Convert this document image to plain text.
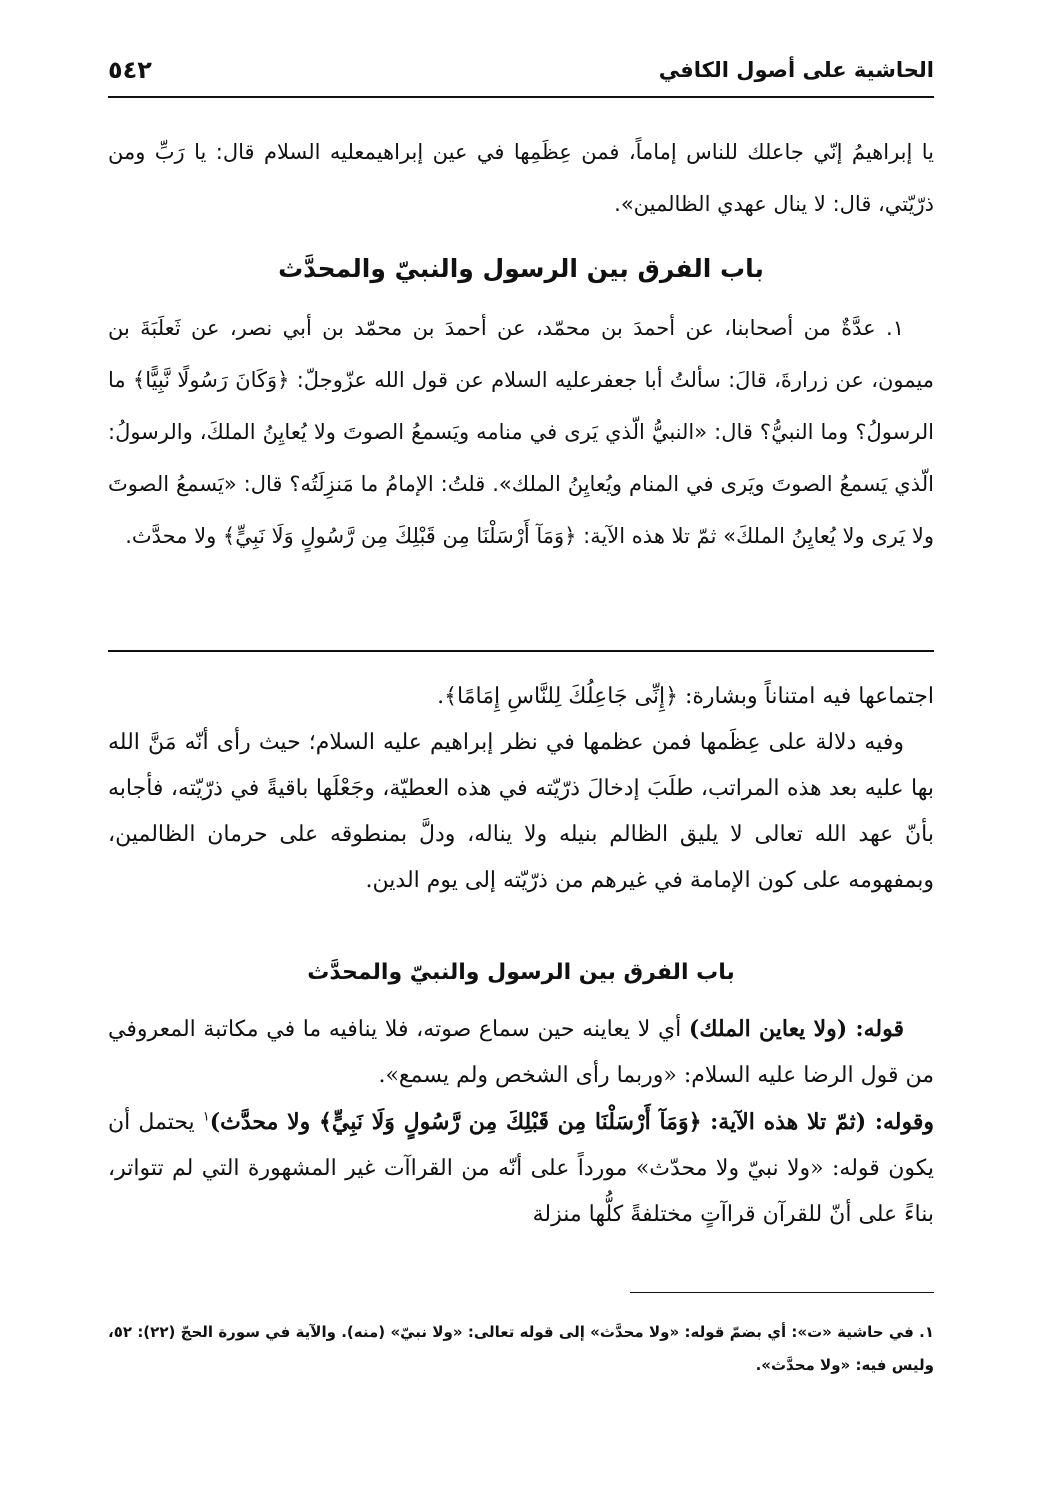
٥٤٢	الحاشية على أصول الكافي

يا إبراهيمُ إنّي جاعلك للناس إماماً، فمن عِظَمِها في عين إبراهيمعليه السلام قال: يا رَبِّ ومن ذرّيّتي، قال: لا ينال عهدي الظالمين».

باب الفرق بين الرسول والنبيّ والمحدَّث

١. عدَّةٌ من أصحابنا، عن أحمدَ بن محمّد، عن أحمدَ بن محمّد بن أبي نصر، عن ثَعلَبَةَ بن ميمون، عن زرارةَ، قالَ: سألتُ أبا جعفرعليه السلام عن قول الله عزّوجلّ: ﴿وَكَانَ رَسُولًا نَّبِيًّا﴾ ما الرسولُ؟ وما النبيُّ؟ قال: «النبيُّ الّذي يَرى في منامه ويَسمعُ الصوتَ ولا يُعايِنُ الملكَ، والرسولُ: الّذي يَسمعُ الصوتَ ويَرى في المنام ويُعايِنُ الملك». قلتُ: الإمامُ ما مَنزِلَتُه؟ قال: «يَسمعُ الصوتَ ولا يَرى ولا يُعايِنُ الملكَ» ثمّ تلا هذه الآية: ﴿وَمَآ أَرْسَلْنَا مِن قَبْلِكَ مِن رَّسُولٍ وَلَا نَبِيٍّ﴾ ولا محدَّث.

اجتماعها فيه امتناناً وبشارة: ﴿إِنِّى جَاعِلُكَ لِلنَّاسِ إِمَامًا﴾.

وفيه دلالة على عِظَمها فمن عظمها في نظر إبراهيم عليه السلام؛ حيث رأى أنّه مَنَّ الله بها عليه بعد هذه المراتب، طلَبَ إدخالَ ذرّيّته في هذه العطيّة، وجَعْلَها باقيةً في ذرّيّته، فأجابه بأنّ عهد الله تعالى لا يليق الظالم بنيله ولا يناله، ودلَّ بمنطوقه على حرمان الظالمين، وبمفهومه على كون الإمامة في غيرهم من ذرّيّته إلى يوم الدين.

باب الفرق بين الرسول والنبيّ والمحدَّث

قوله: (ولا يعاين الملك) أي لا يعاينه حين سماع صوته، فلا ينافيه ما في مكاتبة المعروفي من قول الرضا عليه السلام: «وربما رأى الشخص ولم يسمع».

وقوله: (ثمّ تلا هذه الآية: ﴿وَمَآ أَرْسَلْنَا مِن قَبْلِكَ مِن رَّسُولٍ وَلَا نَبِيٍّ﴾ ولا محدَّث)$^١$ يحتمل أن يكون قوله: «ولا نبيّ ولا محدّث» مورداً على أنّه من القراآت غير المشهورة التي لم تتواتر، بناءً على أنّ للقرآن قراآتٍ مختلفةً كلُّها منزلة

١. في حاشية «ت»: أي بضمّ قوله: «ولا محدَّث» إلى قوله تعالى: «ولا نبيّ» (منه). والآية في سورة الحجّ (٢٢): ٥٢، وليس فيه: «ولا محدَّث».
